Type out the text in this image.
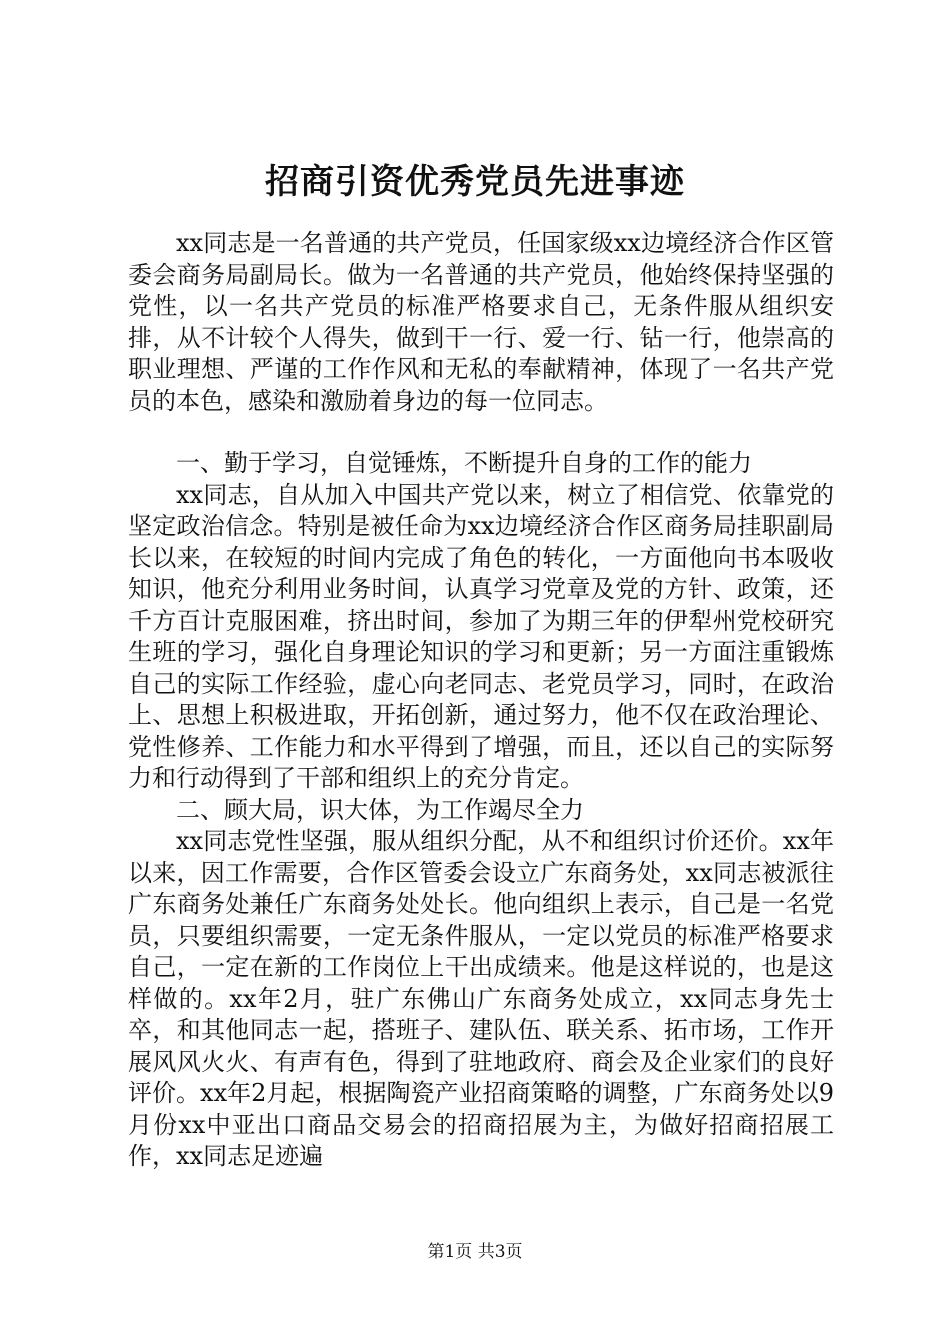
招商引资优秀党员先进事迹

xx同志是一名普通的共产党员，任国家级xx边境经济合作区管委会商务局副局长。做为一名普通的共产党员，他始终保持坚强的党性，以一名共产党员的标准严格要求自己，无条件服从组织安排，从不计较个人得失，做到干一行、爱一行、钻一行，他崇高的职业理想、严谨的工作作风和无私的奉献精神，体现了一名共产党员的本色，感染和激励着身边的每一位同志。

一、勤于学习，自觉锤炼，不断提升自身的工作的能力

xx同志，自从加入中国共产党以来，树立了相信党、依靠党的坚定政治信念。特别是被任命为xx边境经济合作区商务局挂职副局长以来，在较短的时间内完成了角色的转化，一方面他向书本吸收知识，他充分利用业务时间，认真学习党章及党的方针、政策，还千方百计克服困难，挤出时间，参加了为期三年的伊犁州党校研究生班的学习，强化自身理论知识的学习和更新；另一方面注重锻炼自己的实际工作经验，虚心向老同志、老党员学习，同时，在政治上、思想上积极进取，开拓创新，通过努力，他不仅在政治理论、党性修养、工作能力和水平得到了增强，而且，还以自己的实际努力和行动得到了干部和组织上的充分肯定。

二、顾大局，识大体，为工作竭尽全力

xx同志党性坚强，服从组织分配，从不和组织讨价还价。xx年以来，因工作需要，合作区管委会设立广东商务处，xx同志被派往广东商务处兼任广东商务处处长。他向组织上表示，自己是一名党员，只要组织需要，一定无条件服从，一定以党员的标准严格要求自己，一定在新的工作岗位上干出成绩来。他是这样说的，也是这样做的。xx年2月，驻广东佛山广东商务处成立，xx同志身先士卒，和其他同志一起，搭班子、建队伍、联关系、拓市场，工作开展风风火火、有声有色，得到了驻地政府、商会及企业家们的良好评价。xx年2月起，根据陶瓷产业招商策略的调整，广东商务处以9月份xx中亚出口商品交易会的招商招展为主，为做好招商招展工作，xx同志足迹遍

第1页 共3页
